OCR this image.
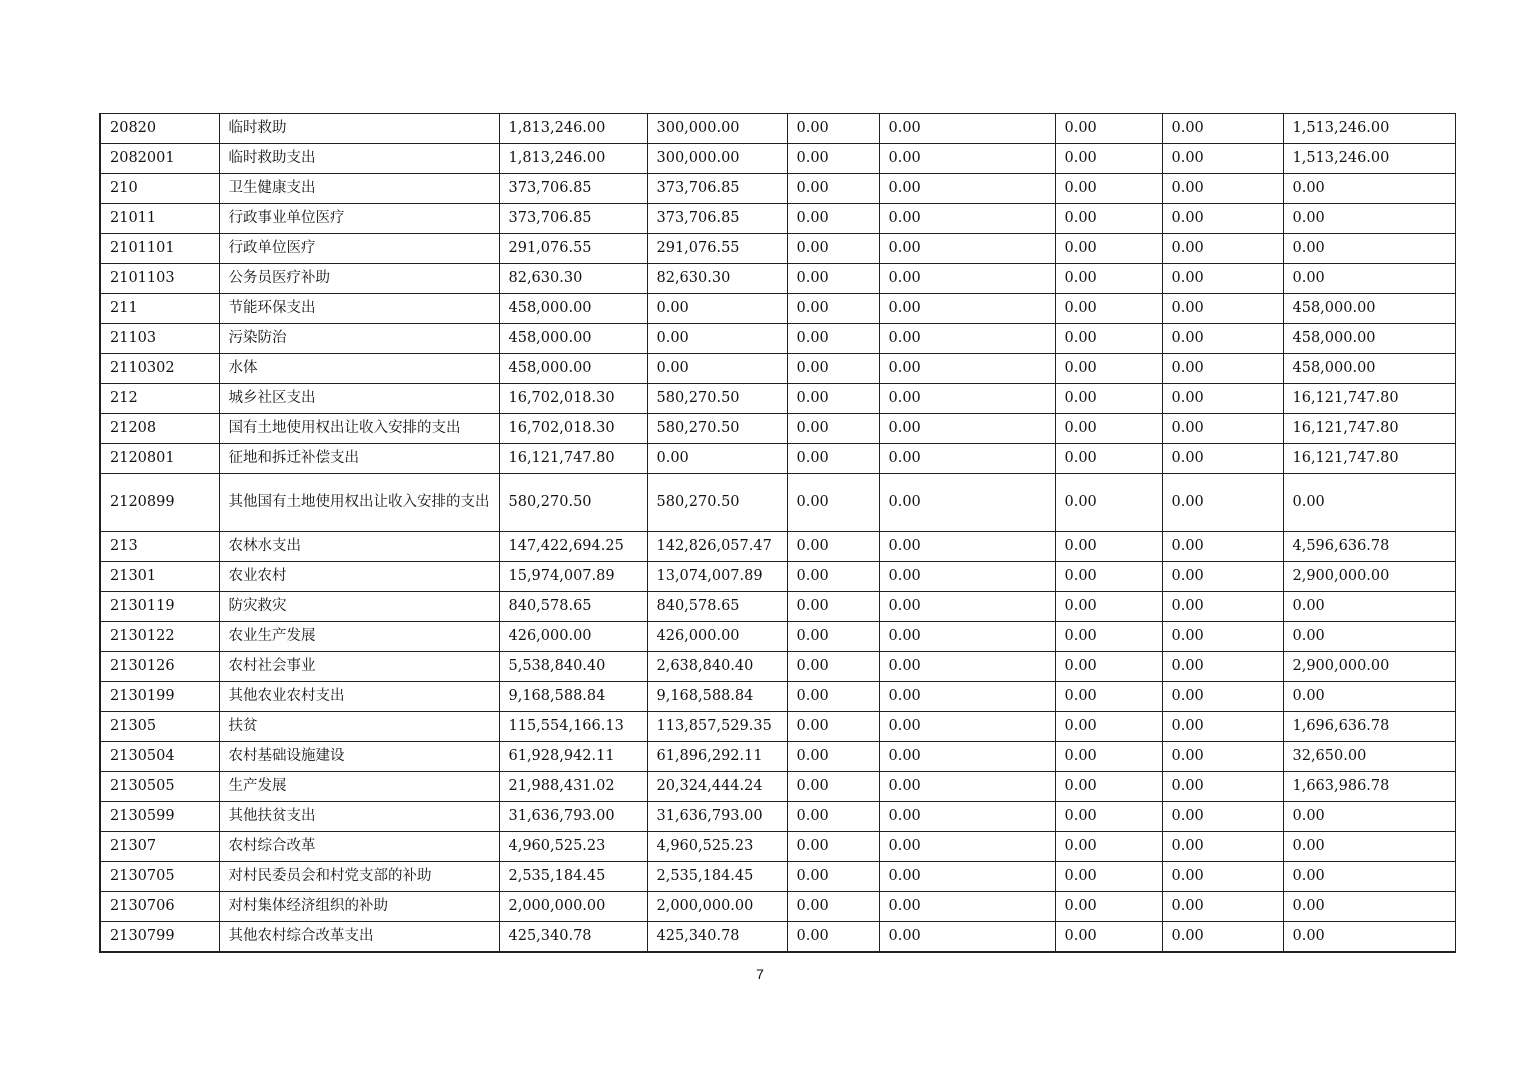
20820	临时救助	1,813,246.00	300,000.00	0.00	0.00	0.00	0.00	1,513,246.00
2082001	临时救助支出	1,813,246.00	300,000.00	0.00	0.00	0.00	0.00	1,513,246.00
210	卫生健康支出	373,706.85	373,706.85	0.00	0.00	0.00	0.00	0.00
21011	行政事业单位医疗	373,706.85	373,706.85	0.00	0.00	0.00	0.00	0.00
2101101	行政单位医疗	291,076.55	291,076.55	0.00	0.00	0.00	0.00	0.00
2101103	公务员医疗补助	82,630.30	82,630.30	0.00	0.00	0.00	0.00	0.00
211	节能环保支出	458,000.00	0.00	0.00	0.00	0.00	0.00	458,000.00
21103	污染防治	458,000.00	0.00	0.00	0.00	0.00	0.00	458,000.00
2110302	水体	458,000.00	0.00	0.00	0.00	0.00	0.00	458,000.00
212	城乡社区支出	16,702,018.30	580,270.50	0.00	0.00	0.00	0.00	16,121,747.80
21208	国有土地使用权出让收入安排的支出	16,702,018.30	580,270.50	0.00	0.00	0.00	0.00	16,121,747.80
2120801	征地和拆迁补偿支出	16,121,747.80	0.00	0.00	0.00	0.00	0.00	16,121,747.80
2120899	其他国有土地使用权出让收入安排的支出	580,270.50	580,270.50	0.00	0.00	0.00	0.00	0.00
213	农林水支出	147,422,694.25	142,826,057.47	0.00	0.00	0.00	0.00	4,596,636.78
21301	农业农村	15,974,007.89	13,074,007.89	0.00	0.00	0.00	0.00	2,900,000.00
2130119	防灾救灾	840,578.65	840,578.65	0.00	0.00	0.00	0.00	0.00
2130122	农业生产发展	426,000.00	426,000.00	0.00	0.00	0.00	0.00	0.00
2130126	农村社会事业	5,538,840.40	2,638,840.40	0.00	0.00	0.00	0.00	2,900,000.00
2130199	其他农业农村支出	9,168,588.84	9,168,588.84	0.00	0.00	0.00	0.00	0.00
21305	扶贫	115,554,166.13	113,857,529.35	0.00	0.00	0.00	0.00	1,696,636.78
2130504	农村基础设施建设	61,928,942.11	61,896,292.11	0.00	0.00	0.00	0.00	32,650.00
2130505	生产发展	21,988,431.02	20,324,444.24	0.00	0.00	0.00	0.00	1,663,986.78
2130599	其他扶贫支出	31,636,793.00	31,636,793.00	0.00	0.00	0.00	0.00	0.00
21307	农村综合改革	4,960,525.23	4,960,525.23	0.00	0.00	0.00	0.00	0.00
2130705	对村民委员会和村党支部的补助	2,535,184.45	2,535,184.45	0.00	0.00	0.00	0.00	0.00
2130706	对村集体经济组织的补助	2,000,000.00	2,000,000.00	0.00	0.00	0.00	0.00	0.00
2130799	其他农村综合改革支出	425,340.78	425,340.78	0.00	0.00	0.00	0.00	0.00
7
